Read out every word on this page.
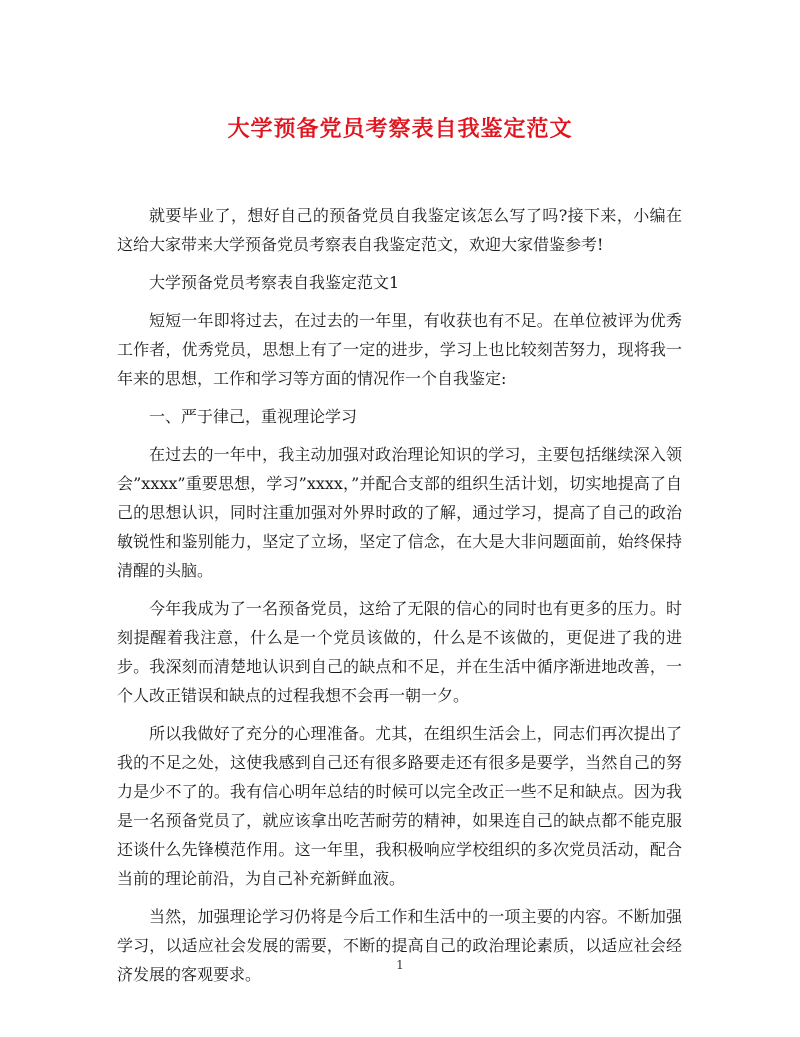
大学预备党员考察表自我鉴定范文

就要毕业了，想好自己的预备党员自我鉴定该怎么写了吗?接下来，小编在这给大家带来大学预备党员考察表自我鉴定范文，欢迎大家借鉴参考!

大学预备党员考察表自我鉴定范文1

短短一年即将过去，在过去的一年里，有收获也有不足。在单位被评为优秀工作者，优秀党员，思想上有了一定的进步，学习上也比较刻苦努力，现将我一年来的思想，工作和学习等方面的情况作一个自我鉴定:

一、严于律己，重视理论学习

在过去的一年中，我主动加强对政治理论知识的学习，主要包括继续深入领会”xxxx”重要思想，学习”xxxx，”并配合支部的组织生活计划，切实地提高了自己的思想认识，同时注重加强对外界时政的了解，通过学习，提高了自己的政治敏锐性和鉴别能力，坚定了立场，坚定了信念，在大是大非问题面前，始终保持清醒的头脑。

今年我成为了一名预备党员，这给了无限的信心的同时也有更多的压力。时刻提醒着我注意，什么是一个党员该做的，什么是不该做的，更促进了我的进步。我深刻而清楚地认识到自己的缺点和不足，并在生活中循序渐进地改善，一个人改正错误和缺点的过程我想不会再一朝一夕。

所以我做好了充分的心理准备。尤其，在组织生活会上，同志们再次提出了我的不足之处，这使我感到自己还有很多路要走还有很多是要学，当然自己的努力是少不了的。我有信心明年总结的时候可以完全改正一些不足和缺点。因为我是一名预备党员了，就应该拿出吃苦耐劳的精神，如果连自己的缺点都不能克服还谈什么先锋模范作用。这一年里，我积极响应学校组织的多次党员活动，配合当前的理论前沿，为自己补充新鲜血液。

当然，加强理论学习仍将是今后工作和生活中的一项主要的内容。不断加强学习，以适应社会发展的需要，不断的提高自己的政治理论素质，以适应社会经济发展的客观要求。	1
